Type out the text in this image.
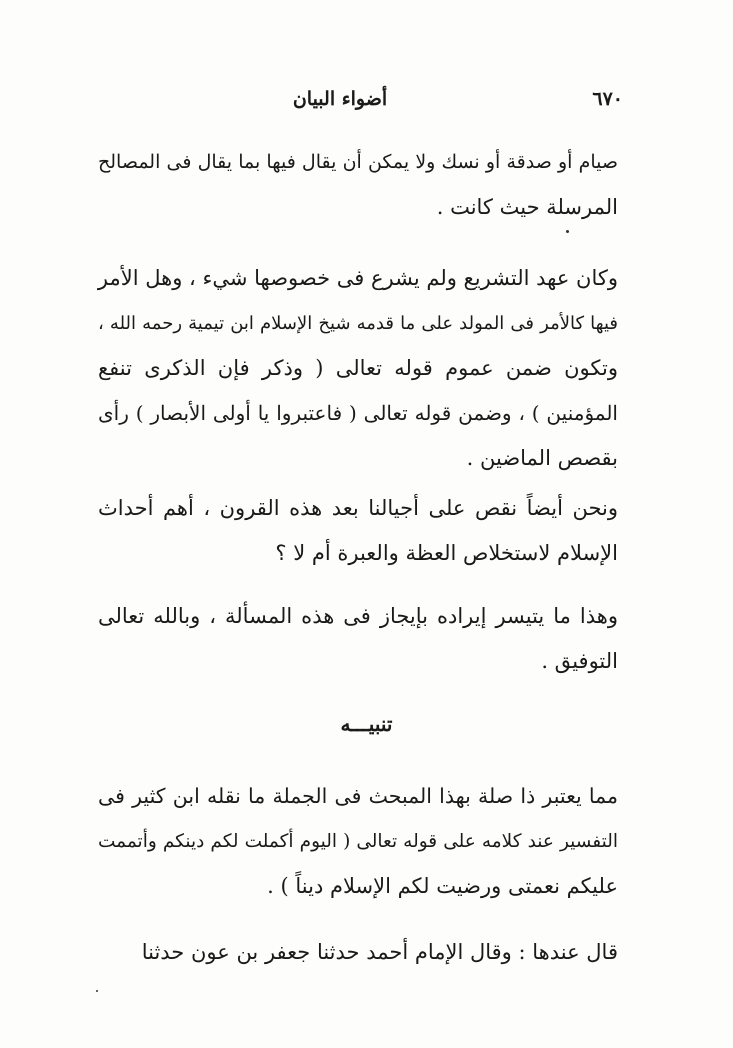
٦٧٠
أضواء البيان
صيام أو صدقة أو نسك ولا يمكن أن يقال فيها بما يقال فى المصالح
المرسلة حيث كانت .
وكان عهد التشريع ولم يشرع فى خصوصها شيء ، وهل الأمر
فيها كالأمر فى المولد على ما قدمه شيخ الإسلام ابن تيمية رحمه الله ،
وتكون ضمن عموم قوله تعالى ( وذكر فإن الذكرى تنفع
المؤمنين ) ، وضمن قوله تعالى ( فاعتبروا يا أولى الأبصار ) رأى
بقصص الماضين .
ونحن أيضاً نقص على أجيالنا بعد هذه القرون ، أهم أحداث
الإسلام لاستخلاص العظة والعبرة أم لا ؟
وهذا ما يتيسر إيراده بإيجاز فى هذه المسألة ، وبالله تعالى
التوفيق .
تنبيـــه
مما يعتبر ذا صلة بهذا المبحث فى الجملة ما نقله ابن كثير فى
التفسير عند كلامه على قوله تعالى ( اليوم أكملت لكم دينكم وأتممت
عليكم نعمتى ورضيت لكم الإسلام ديناً ) .
قال عندها : وقال الإمام أحمد حدثنا جعفر بن عون حدثنا
